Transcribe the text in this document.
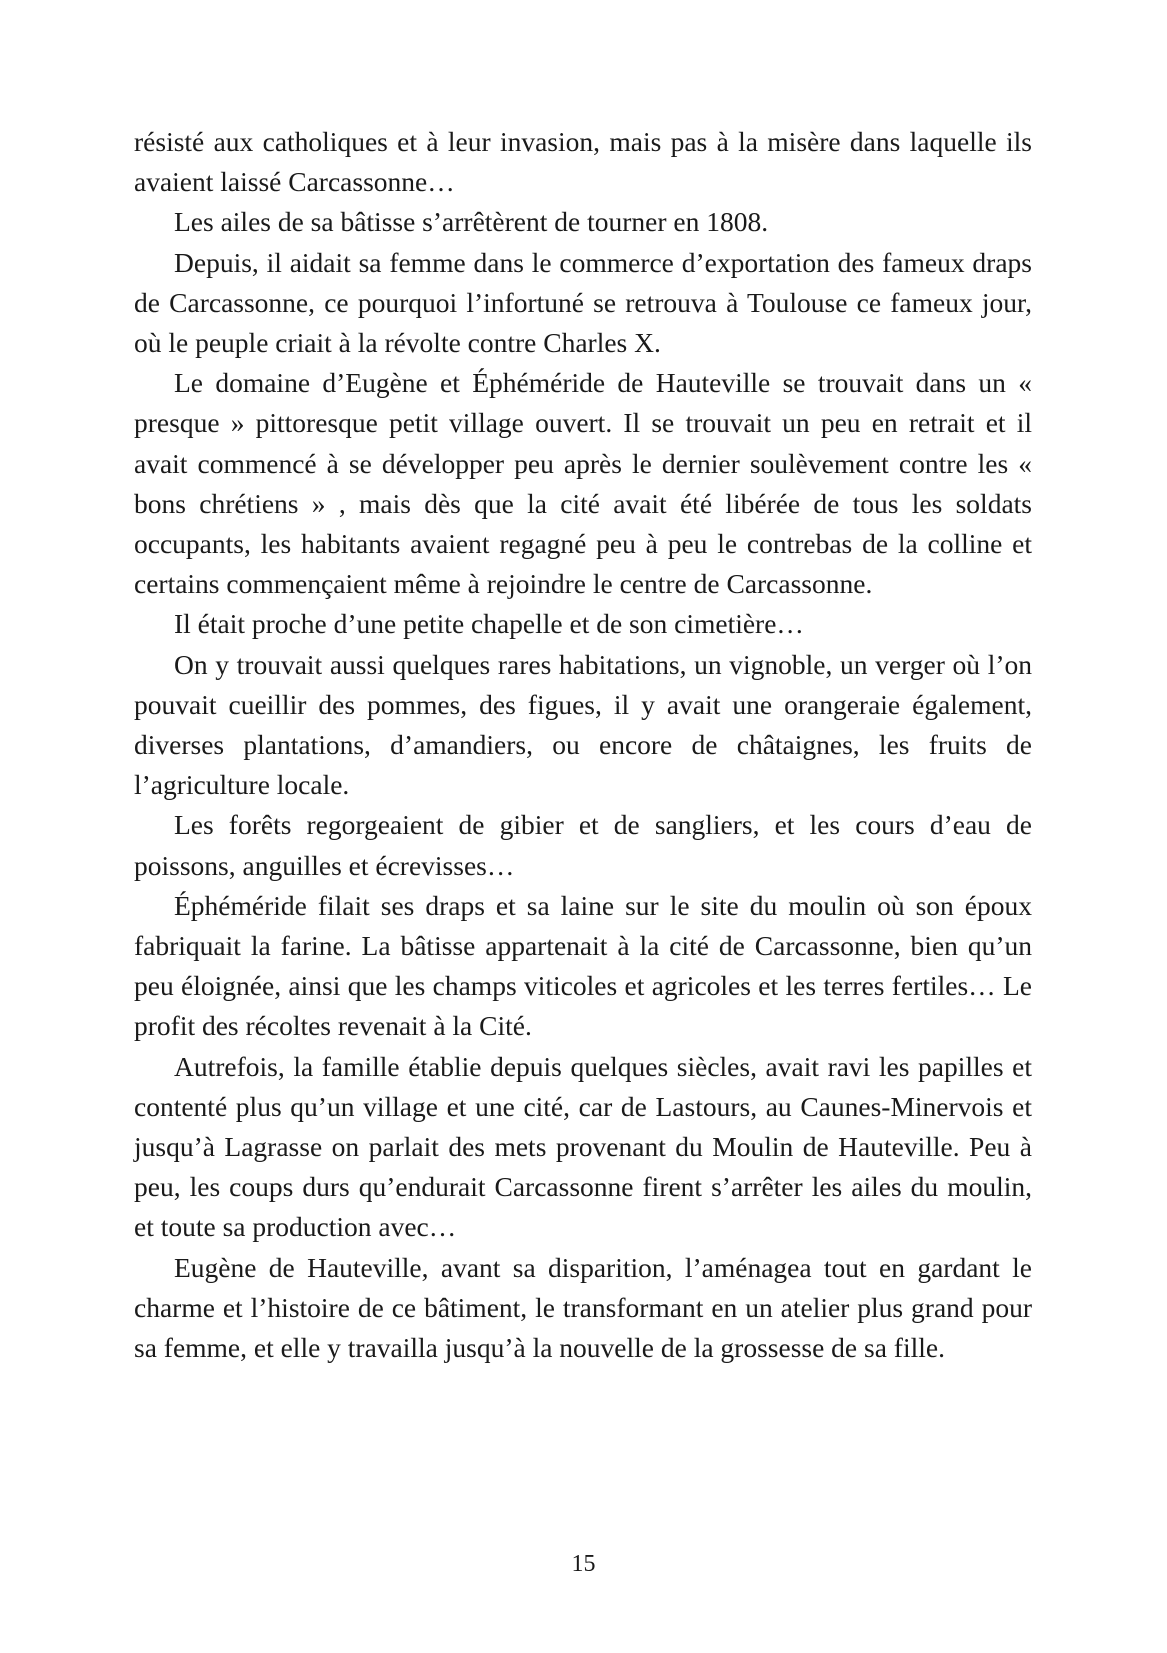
résisté aux catholiques et à leur invasion, mais pas à la misère dans laquelle ils avaient laissé Carcassonne…

Les ailes de sa bâtisse s’arrêtèrent de tourner en 1808.

Depuis, il aidait sa femme dans le commerce d’exportation des fameux draps de Carcassonne, ce pourquoi l’infortuné se retrouva à Toulouse ce fameux jour, où le peuple criait à la révolte contre Charles X.

Le domaine d’Eugène et Éphéméride de Hauteville se trouvait dans un « presque » pittoresque petit village ouvert. Il se trouvait un peu en retrait et il avait commencé à se développer peu après le dernier soulèvement contre les « bons chrétiens » , mais dès que la cité avait été libérée de tous les soldats occupants, les habitants avaient regagné peu à peu le contrebas de la colline et certains commençaient même à rejoindre le centre de Carcassonne.

Il était proche d’une petite chapelle et de son cimetière…

On y trouvait aussi quelques rares habitations, un vignoble, un verger où l’on pouvait cueillir des pommes, des figues, il y avait une orangeraie également, diverses plantations, d’amandiers, ou encore de châtaignes, les fruits de l’agriculture locale.

Les forêts regorgeaient de gibier et de sangliers, et les cours d’eau de poissons, anguilles et écrevisses…

Éphéméride filait ses draps et sa laine sur le site du moulin où son époux fabriquait la farine. La bâtisse appartenait à la cité de Carcassonne, bien qu’un peu éloignée, ainsi que les champs viticoles et agricoles et les terres fertiles… Le profit des récoltes revenait à la Cité.

Autrefois, la famille établie depuis quelques siècles, avait ravi les papilles et contenté plus qu’un village et une cité, car de Lastours, au Caunes-Minervois et jusqu’à Lagrasse on parlait des mets provenant du Moulin de Hauteville. Peu à peu, les coups durs qu’endurait Carcassonne firent s’arrêter les ailes du moulin, et toute sa production avec…

Eugène de Hauteville, avant sa disparition, l’aménagea tout en gardant le charme et l’histoire de ce bâtiment, le transformant en un atelier plus grand pour sa femme, et elle y travailla jusqu’à la nouvelle de la grossesse de sa fille.

15
